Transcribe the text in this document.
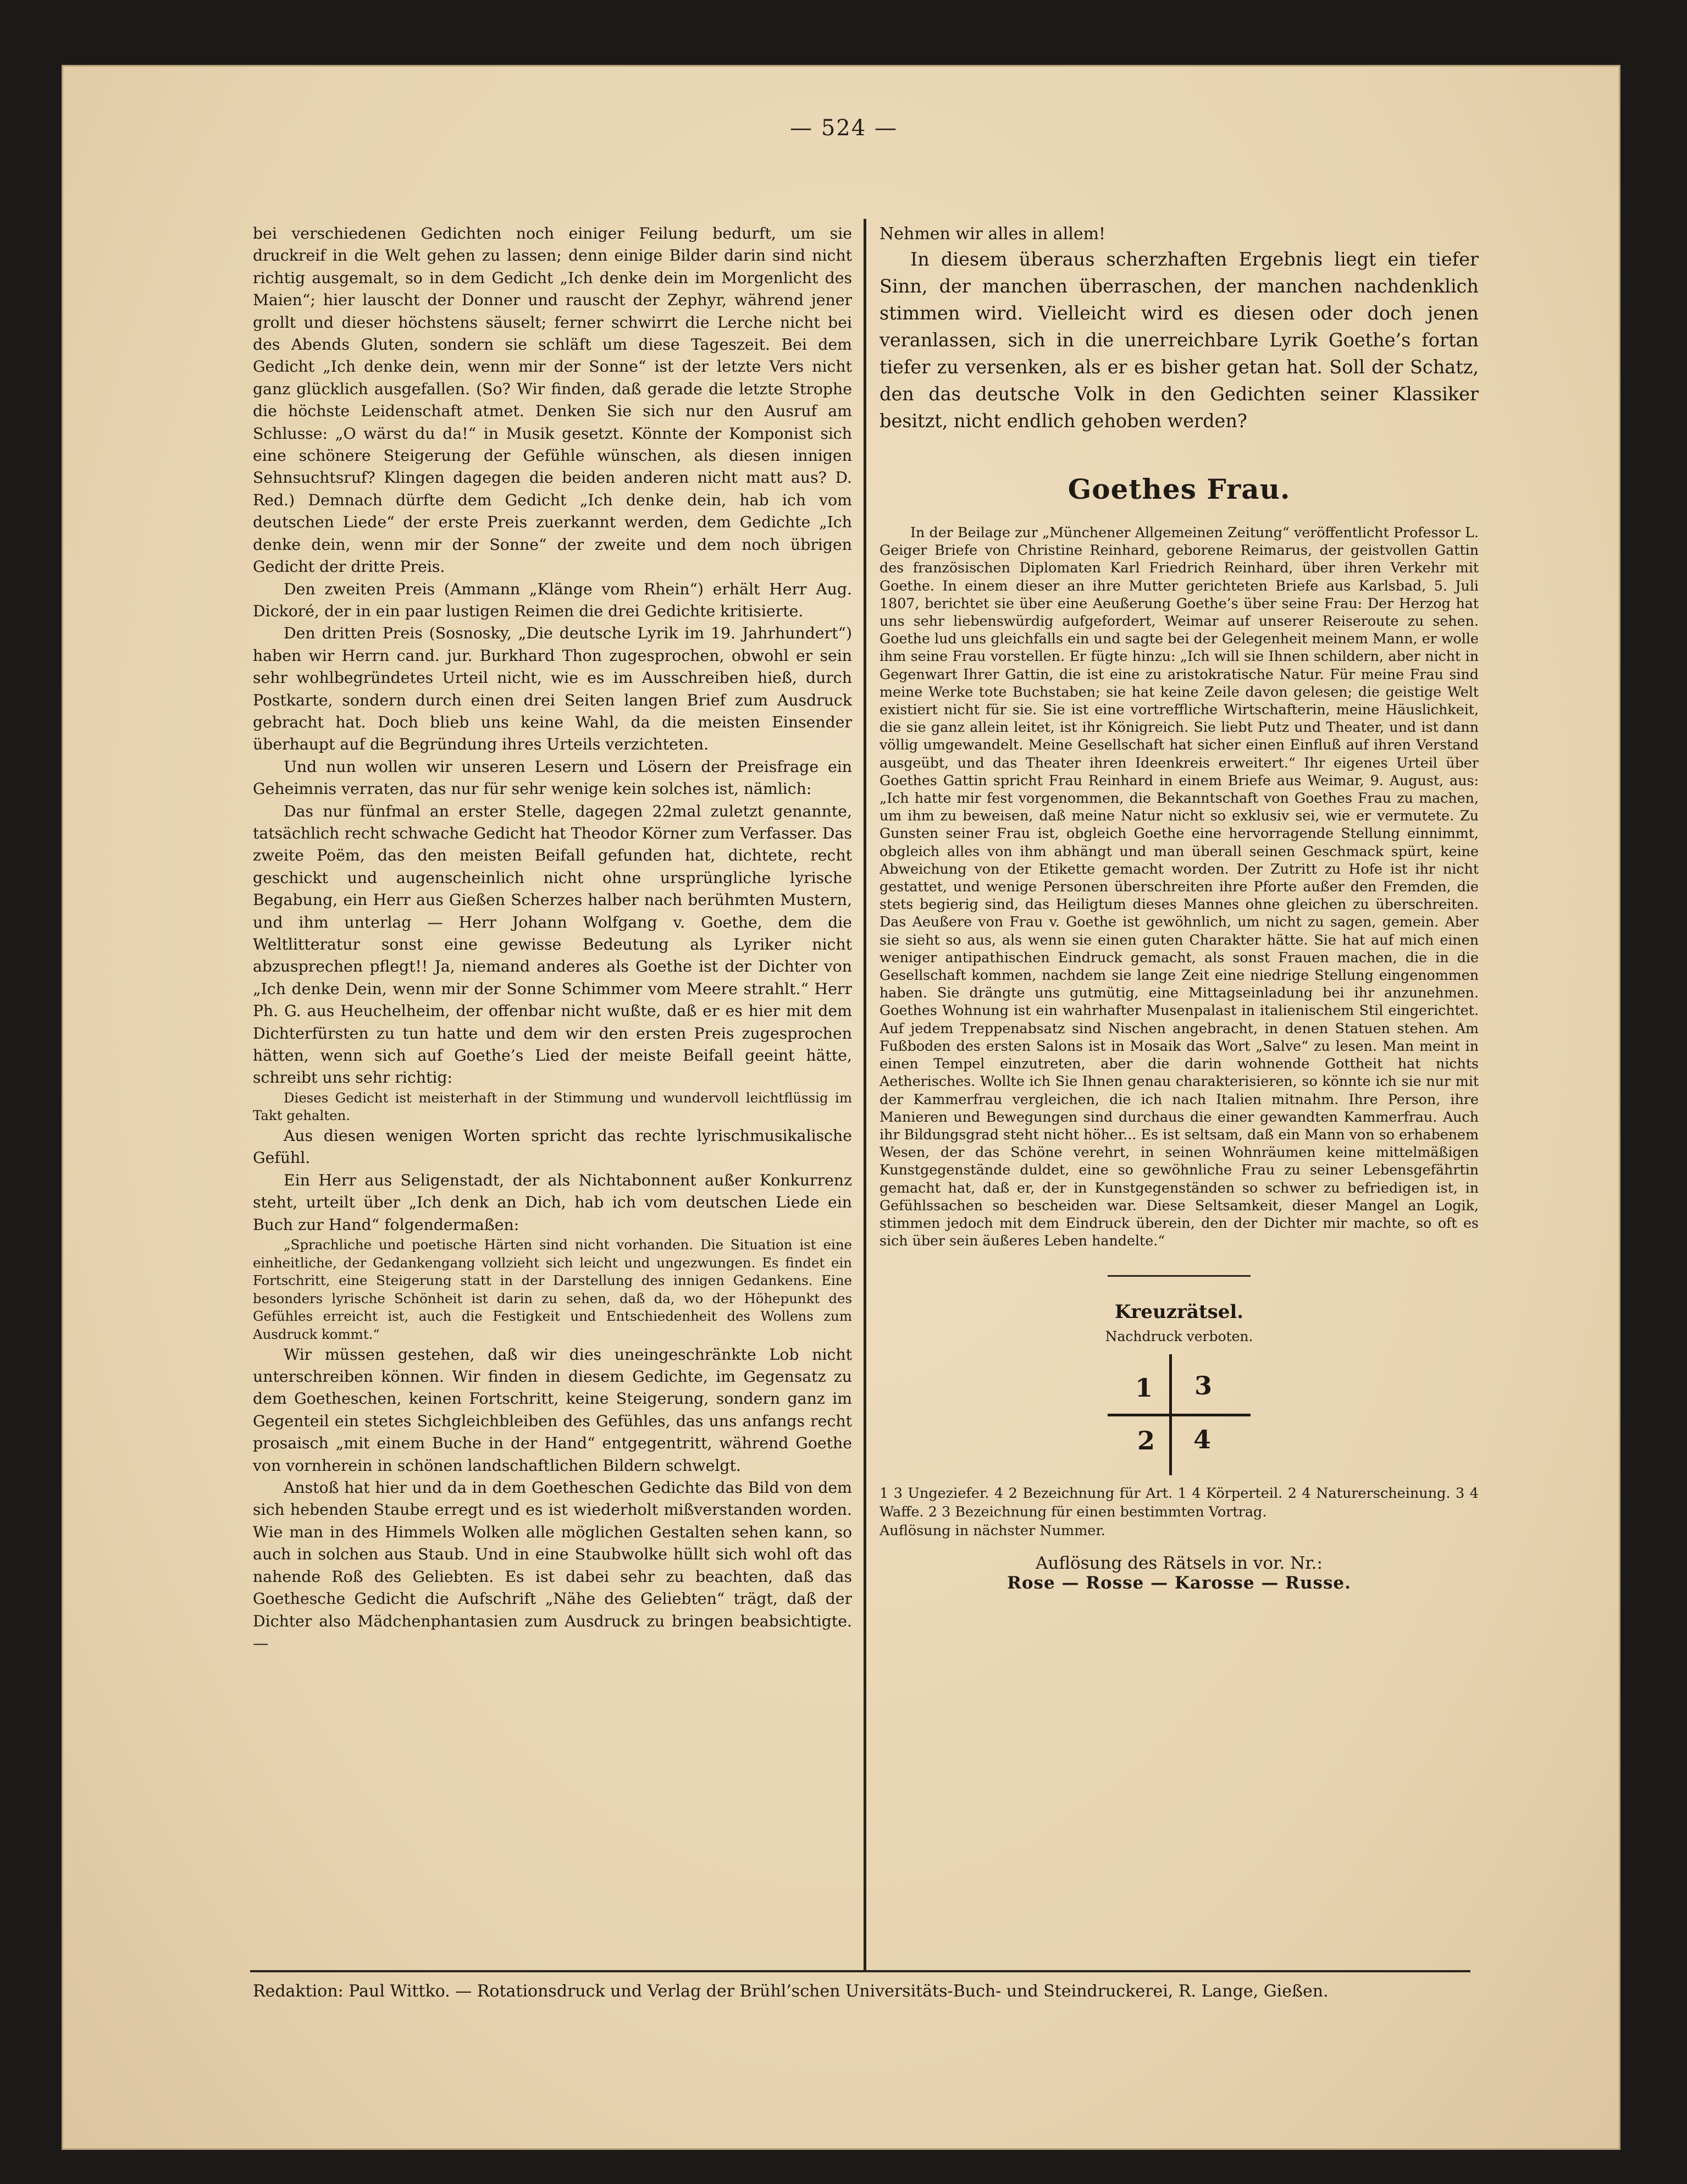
— 524 —

bei verschiedenen Gedichten noch einiger Feilung bedurft, um sie druckreif in die Welt gehen zu lassen; denn einige Bilder darin sind nicht richtig ausgemalt, so in dem Gedicht „Ich denke dein im Morgenlicht des Maien“; hier lauscht der Donner und rauscht der Zephyr, während jener grollt und dieser höchstens säuselt; ferner schwirrt die Lerche nicht bei des Abends Gluten, sondern sie schläft um diese Tageszeit. Bei dem Gedicht „Ich denke dein, wenn mir der Sonne“ ist der letzte Vers nicht ganz glücklich ausgefallen. (So? Wir finden, daß gerade die letzte Strophe die höchste Leidenschaft atmet. Denken Sie sich nur den Ausruf am Schlusse: „O wärst du da!“ in Musik gesetzt. Könnte der Komponist sich eine schönere Steigerung der Gefühle wünschen, als diesen innigen Sehnsuchtsruf? Klingen dagegen die beiden anderen nicht matt aus? D. Red.) Demnach dürfte dem Gedicht „Ich denke dein, hab ich vom deutschen Liede“ der erste Preis zuerkannt werden, dem Gedichte „Ich denke dein, wenn mir der Sonne“ der zweite und dem noch übrigen Gedicht der dritte Preis.

Den zweiten Preis (Ammann „Klänge vom Rhein“) erhält Herr Aug. Dickoré, der in ein paar lustigen Reimen die drei Gedichte kritisierte.

Den dritten Preis (Sosnosky, „Die deutsche Lyrik im 19. Jahrhundert“) haben wir Herrn cand. jur. Burkhard Thon zugesprochen, obwohl er sein sehr wohlbegründetes Urteil nicht, wie es im Ausschreiben hieß, durch Postkarte, sondern durch einen drei Seiten langen Brief zum Ausdruck gebracht hat. Doch blieb uns keine Wahl, da die meisten Einsender überhaupt auf die Begründung ihres Urteils verzichteten.

Und nun wollen wir unseren Lesern und Lösern der Preisfrage ein Geheimnis verraten, das nur für sehr wenige kein solches ist, nämlich:

Das nur fünfmal an erster Stelle, dagegen 22mal zuletzt genannte, tatsächlich recht schwache Gedicht hat Theodor Körner zum Verfasser. Das zweite Poëm, das den meisten Beifall gefunden hat, dichtete, recht geschickt und augenscheinlich nicht ohne ursprüngliche lyrische Begabung, ein Herr aus Gießen Scherzes halber nach berühmten Mustern, und ihm unterlag — Herr Johann Wolfgang v. Goethe, dem die Weltlitteratur sonst eine gewisse Bedeutung als Lyriker nicht abzusprechen pflegt!! Ja, niemand anderes als Goethe ist der Dichter von „Ich denke Dein, wenn mir der Sonne Schimmer vom Meere strahlt.“ Herr Ph. G. aus Heuchelheim, der offenbar nicht wußte, daß er es hier mit dem Dichterfürsten zu tun hatte und dem wir den ersten Preis zugesprochen hätten, wenn sich auf Goethe’s Lied der meiste Beifall geeint hätte, schreibt uns sehr richtig:

Dieses Gedicht ist meisterhaft in der Stimmung und wundervoll leichtflüssig im Takt gehalten.

Aus diesen wenigen Worten spricht das rechte lyrischmusikalische Gefühl.

Ein Herr aus Seligenstadt, der als Nichtabonnent außer Konkurrenz steht, urteilt über „Ich denk an Dich, hab ich vom deutschen Liede ein Buch zur Hand“ folgendermaßen:

„Sprachliche und poetische Härten sind nicht vorhanden. Die Situation ist eine einheitliche, der Gedankengang vollzieht sich leicht und ungezwungen. Es findet ein Fortschritt, eine Steigerung statt in der Darstellung des innigen Gedankens. Eine besonders lyrische Schönheit ist darin zu sehen, daß da, wo der Höhepunkt des Gefühles erreicht ist, auch die Festigkeit und Entschiedenheit des Wollens zum Ausdruck kommt.“

Wir müssen gestehen, daß wir dies uneingeschränkte Lob nicht unterschreiben können. Wir finden in diesem Gedichte, im Gegensatz zu dem Goetheschen, keinen Fortschritt, keine Steigerung, sondern ganz im Gegenteil ein stetes Sichgleichbleiben des Gefühles, das uns anfangs recht prosaisch „mit einem Buche in der Hand“ entgegentritt, während Goethe von vornherein in schönen landschaftlichen Bildern schwelgt.

Anstoß hat hier und da in dem Goetheschen Gedichte das Bild von dem sich hebenden Staube erregt und es ist wiederholt mißverstanden worden. Wie man in des Himmels Wolken alle möglichen Gestalten sehen kann, so auch in solchen aus Staub. Und in eine Staubwolke hüllt sich wohl oft das nahende Roß des Geliebten. Es ist dabei sehr zu beachten, daß das Goethesche Gedicht die Aufschrift „Nähe des Geliebten“ trägt, daß der Dichter also Mädchenphantasien zum Ausdruck zu bringen beabsichtigte. —

Nehmen wir alles in allem!

In diesem überaus scherzhaften Ergebnis liegt ein tiefer Sinn, der manchen überraschen, der manchen nachdenklich stimmen wird. Vielleicht wird es diesen oder doch jenen veranlassen, sich in die unerreichbare Lyrik Goethe’s fortan tiefer zu versenken, als er es bisher getan hat. Soll der Schatz, den das deutsche Volk in den Gedichten seiner Klassiker besitzt, nicht endlich gehoben werden?

Goethes Frau.

In der Beilage zur „Münchener Allgemeinen Zeitung“ veröffentlicht Professor L. Geiger Briefe von Christine Reinhard, geborene Reimarus, der geistvollen Gattin des französischen Diplomaten Karl Friedrich Reinhard, über ihren Verkehr mit Goethe. In einem dieser an ihre Mutter gerichteten Briefe aus Karlsbad, 5. Juli 1807, berichtet sie über eine Aeußerung Goethe’s über seine Frau: Der Herzog hat uns sehr liebenswürdig aufgefordert, Weimar auf unserer Reiseroute zu sehen. Goethe lud uns gleichfalls ein und sagte bei der Gelegenheit meinem Mann, er wolle ihm seine Frau vorstellen. Er fügte hinzu: „Ich will sie Ihnen schildern, aber nicht in Gegenwart Ihrer Gattin, die ist eine zu aristokratische Natur. Für meine Frau sind meine Werke tote Buchstaben; sie hat keine Zeile davon gelesen; die geistige Welt existiert nicht für sie. Sie ist eine vortreffliche Wirtschafterin, meine Häuslichkeit, die sie ganz allein leitet, ist ihr Königreich. Sie liebt Putz und Theater, und ist dann völlig umgewandelt. Meine Gesellschaft hat sicher einen Einfluß auf ihren Verstand ausgeübt, und das Theater ihren Ideenkreis erweitert.“ Ihr eigenes Urteil über Goethes Gattin spricht Frau Reinhard in einem Briefe aus Weimar, 9. August, aus: „Ich hatte mir fest vorgenommen, die Bekanntschaft von Goethes Frau zu machen, um ihm zu beweisen, daß meine Natur nicht so exklusiv sei, wie er vermutete. Zu Gunsten seiner Frau ist, obgleich Goethe eine hervorragende Stellung einnimmt, obgleich alles von ihm abhängt und man überall seinen Geschmack spürt, keine Abweichung von der Etikette gemacht worden. Der Zutritt zu Hofe ist ihr nicht gestattet, und wenige Personen überschreiten ihre Pforte außer den Fremden, die stets begierig sind, das Heiligtum dieses Mannes ohne gleichen zu überschreiten. Das Aeußere von Frau v. Goethe ist gewöhnlich, um nicht zu sagen, gemein. Aber sie sieht so aus, als wenn sie einen guten Charakter hätte. Sie hat auf mich einen weniger antipathischen Eindruck gemacht, als sonst Frauen machen, die in die Gesellschaft kommen, nachdem sie lange Zeit eine niedrige Stellung eingenommen haben. Sie drängte uns gutmütig, eine Mittagseinladung bei ihr anzunehmen. Goethes Wohnung ist ein wahrhafter Musenpalast in italienischem Stil eingerichtet. Auf jedem Treppenabsatz sind Nischen angebracht, in denen Statuen stehen. Am Fußboden des ersten Salons ist in Mosaik das Wort „Salve“ zu lesen. Man meint in einen Tempel einzutreten, aber die darin wohnende Gottheit hat nichts Aetherisches. Wollte ich Sie Ihnen genau charakterisieren, so könnte ich sie nur mit der Kammerfrau vergleichen, die ich nach Italien mitnahm. Ihre Person, ihre Manieren und Bewegungen sind durchaus die einer gewandten Kammerfrau. Auch ihr Bildungsgrad steht nicht höher... Es ist seltsam, daß ein Mann von so erhabenem Wesen, der das Schöne verehrt, in seinen Wohnräumen keine mittelmäßigen Kunstgegenstände duldet, eine so gewöhnliche Frau zu seiner Lebensgefährtin gemacht hat, daß er, der in Kunstgegenständen so schwer zu befriedigen ist, in Gefühlssachen so bescheiden war. Diese Seltsamkeit, dieser Mangel an Logik, stimmen jedoch mit dem Eindruck überein, den der Dichter mir machte, so oft es sich über sein äußeres Leben handelte.“

Kreuzrätsel.
Nachdruck verboten.
1 3
2 4

1 3 Ungeziefer. 4 2 Bezeichnung für Art. 1 4 Körperteil. 2 4 Naturerscheinung. 3 4 Waffe. 2 3 Bezeichnung für einen bestimmten Vortrag.

Auflösung in nächster Nummer.

Auflösung des Rätsels in vor. Nr.:
Rose — Rosse — Karosse — Russe.
Redaktion: Paul Wittko. — Rotationsdruck und Verlag der Brühl’schen Universitäts-Buch- und Steindruckerei, R. Lange, Gießen.
